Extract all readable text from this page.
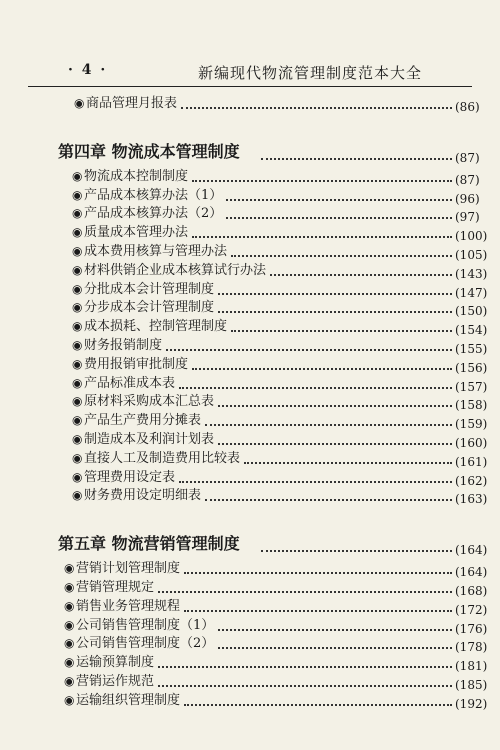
· 4 ·	新编现代物流管理制度范本大全
◉ 商品管理月报表	(86)
第四章 物流成本管理制度	(87)
◉ 物流成本控制制度	(87)
◉ 产品成本核算办法（1）	(96)
◉ 产品成本核算办法（2）	(97)
◉ 质量成本管理办法	(100)
◉ 成本费用核算与管理办法	(105)
◉ 材料供销企业成本核算试行办法	(143)
◉ 分批成本会计管理制度	(147)
◉ 分步成本会计管理制度	(150)
◉ 成本损耗、控制管理制度	(154)
◉ 财务报销制度	(155)
◉ 费用报销审批制度	(156)
◉ 产品标准成本表	(157)
◉ 原材料采购成本汇总表	(158)
◉ 产品生产费用分摊表	(159)
◉ 制造成本及利润计划表	(160)
◉ 直接人工及制造费用比较表	(161)
◉ 管理费用设定表	(162)
◉ 财务费用设定明细表	(163)
第五章 物流营销管理制度	(164)
◉ 营销计划管理制度	(164)
◉ 营销管理规定	(168)
◉ 销售业务管理规程	(172)
◉ 公司销售管理制度（1）	(176)
◉ 公司销售管理制度（2）	(178)
◉ 运输预算制度	(181)
◉ 营销运作规范	(185)
◉ 运输组织管理制度	(192)
